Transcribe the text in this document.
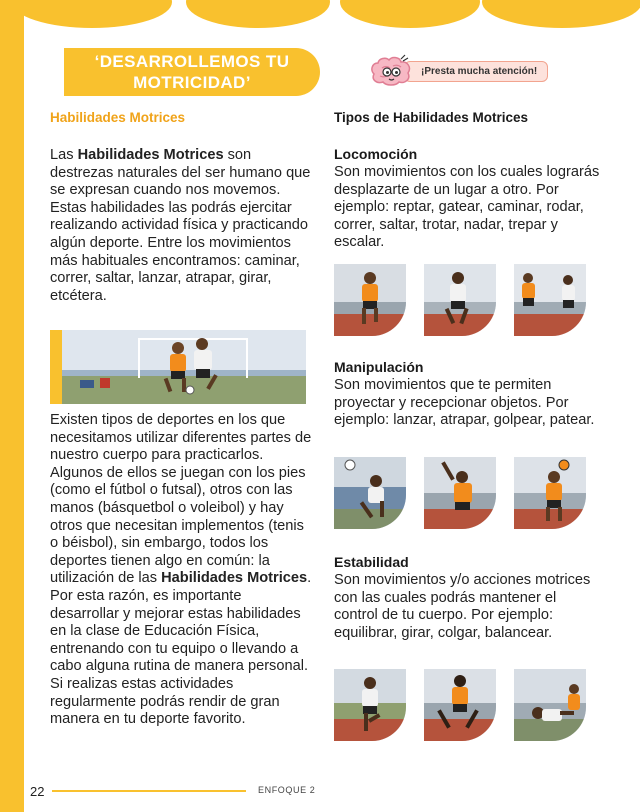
2	‘DESARROLLEMOS TU MOTRICIDAD’
¡Presta mucha atención!
Habilidades Motrices

Las Habilidades Motrices son destrezas naturales del ser humano que se expresan cuando nos movemos. Estas habilidades las podrás ejercitar realizando actividad física y practicando algún deporte. Entre los movimientos más habituales encontramos: caminar, correr, saltar, lanzar, atrapar, girar, etcétera.

Existen tipos de deportes en los que necesitamos utilizar diferentes partes de nuestro cuerpo para practicarlos. Algunos de ellos se juegan con los pies (como el fútbol o futsal), otros con las manos (básquetbol o voleibol) y hay otros que necesitan implementos (tenis o béisbol), sin embargo, todos los deportes tienen algo en común: la utilización de las Habilidades Motrices. Por esta razón, es importante desarrollar y mejorar estas habilidades en la clase de Educación Física, entrenando con tu equipo o llevando a cabo alguna rutina de manera personal. Si realizas estas actividades regularmente podrás rendir de gran manera en tu deporte favorito.

Tipos de Habilidades Motrices
Locomoción

Son movimientos con los cuales lograrás desplazarte de un lugar a otro. Por ejemplo: reptar, gatear, caminar, rodar, correr, saltar, trotar, nadar, trepar y escalar.

Manipulación

Son movimientos que te permiten proyectar y recepcionar objetos. Por ejemplo: lanzar, atrapar, golpear, patear.

Estabilidad

Son movimientos y/o acciones motrices con las cuales podrás mantener el control de tu cuerpo. Por ejemplo: equilibrar, girar, colgar, balancear.

22	ENFOQUE 2
